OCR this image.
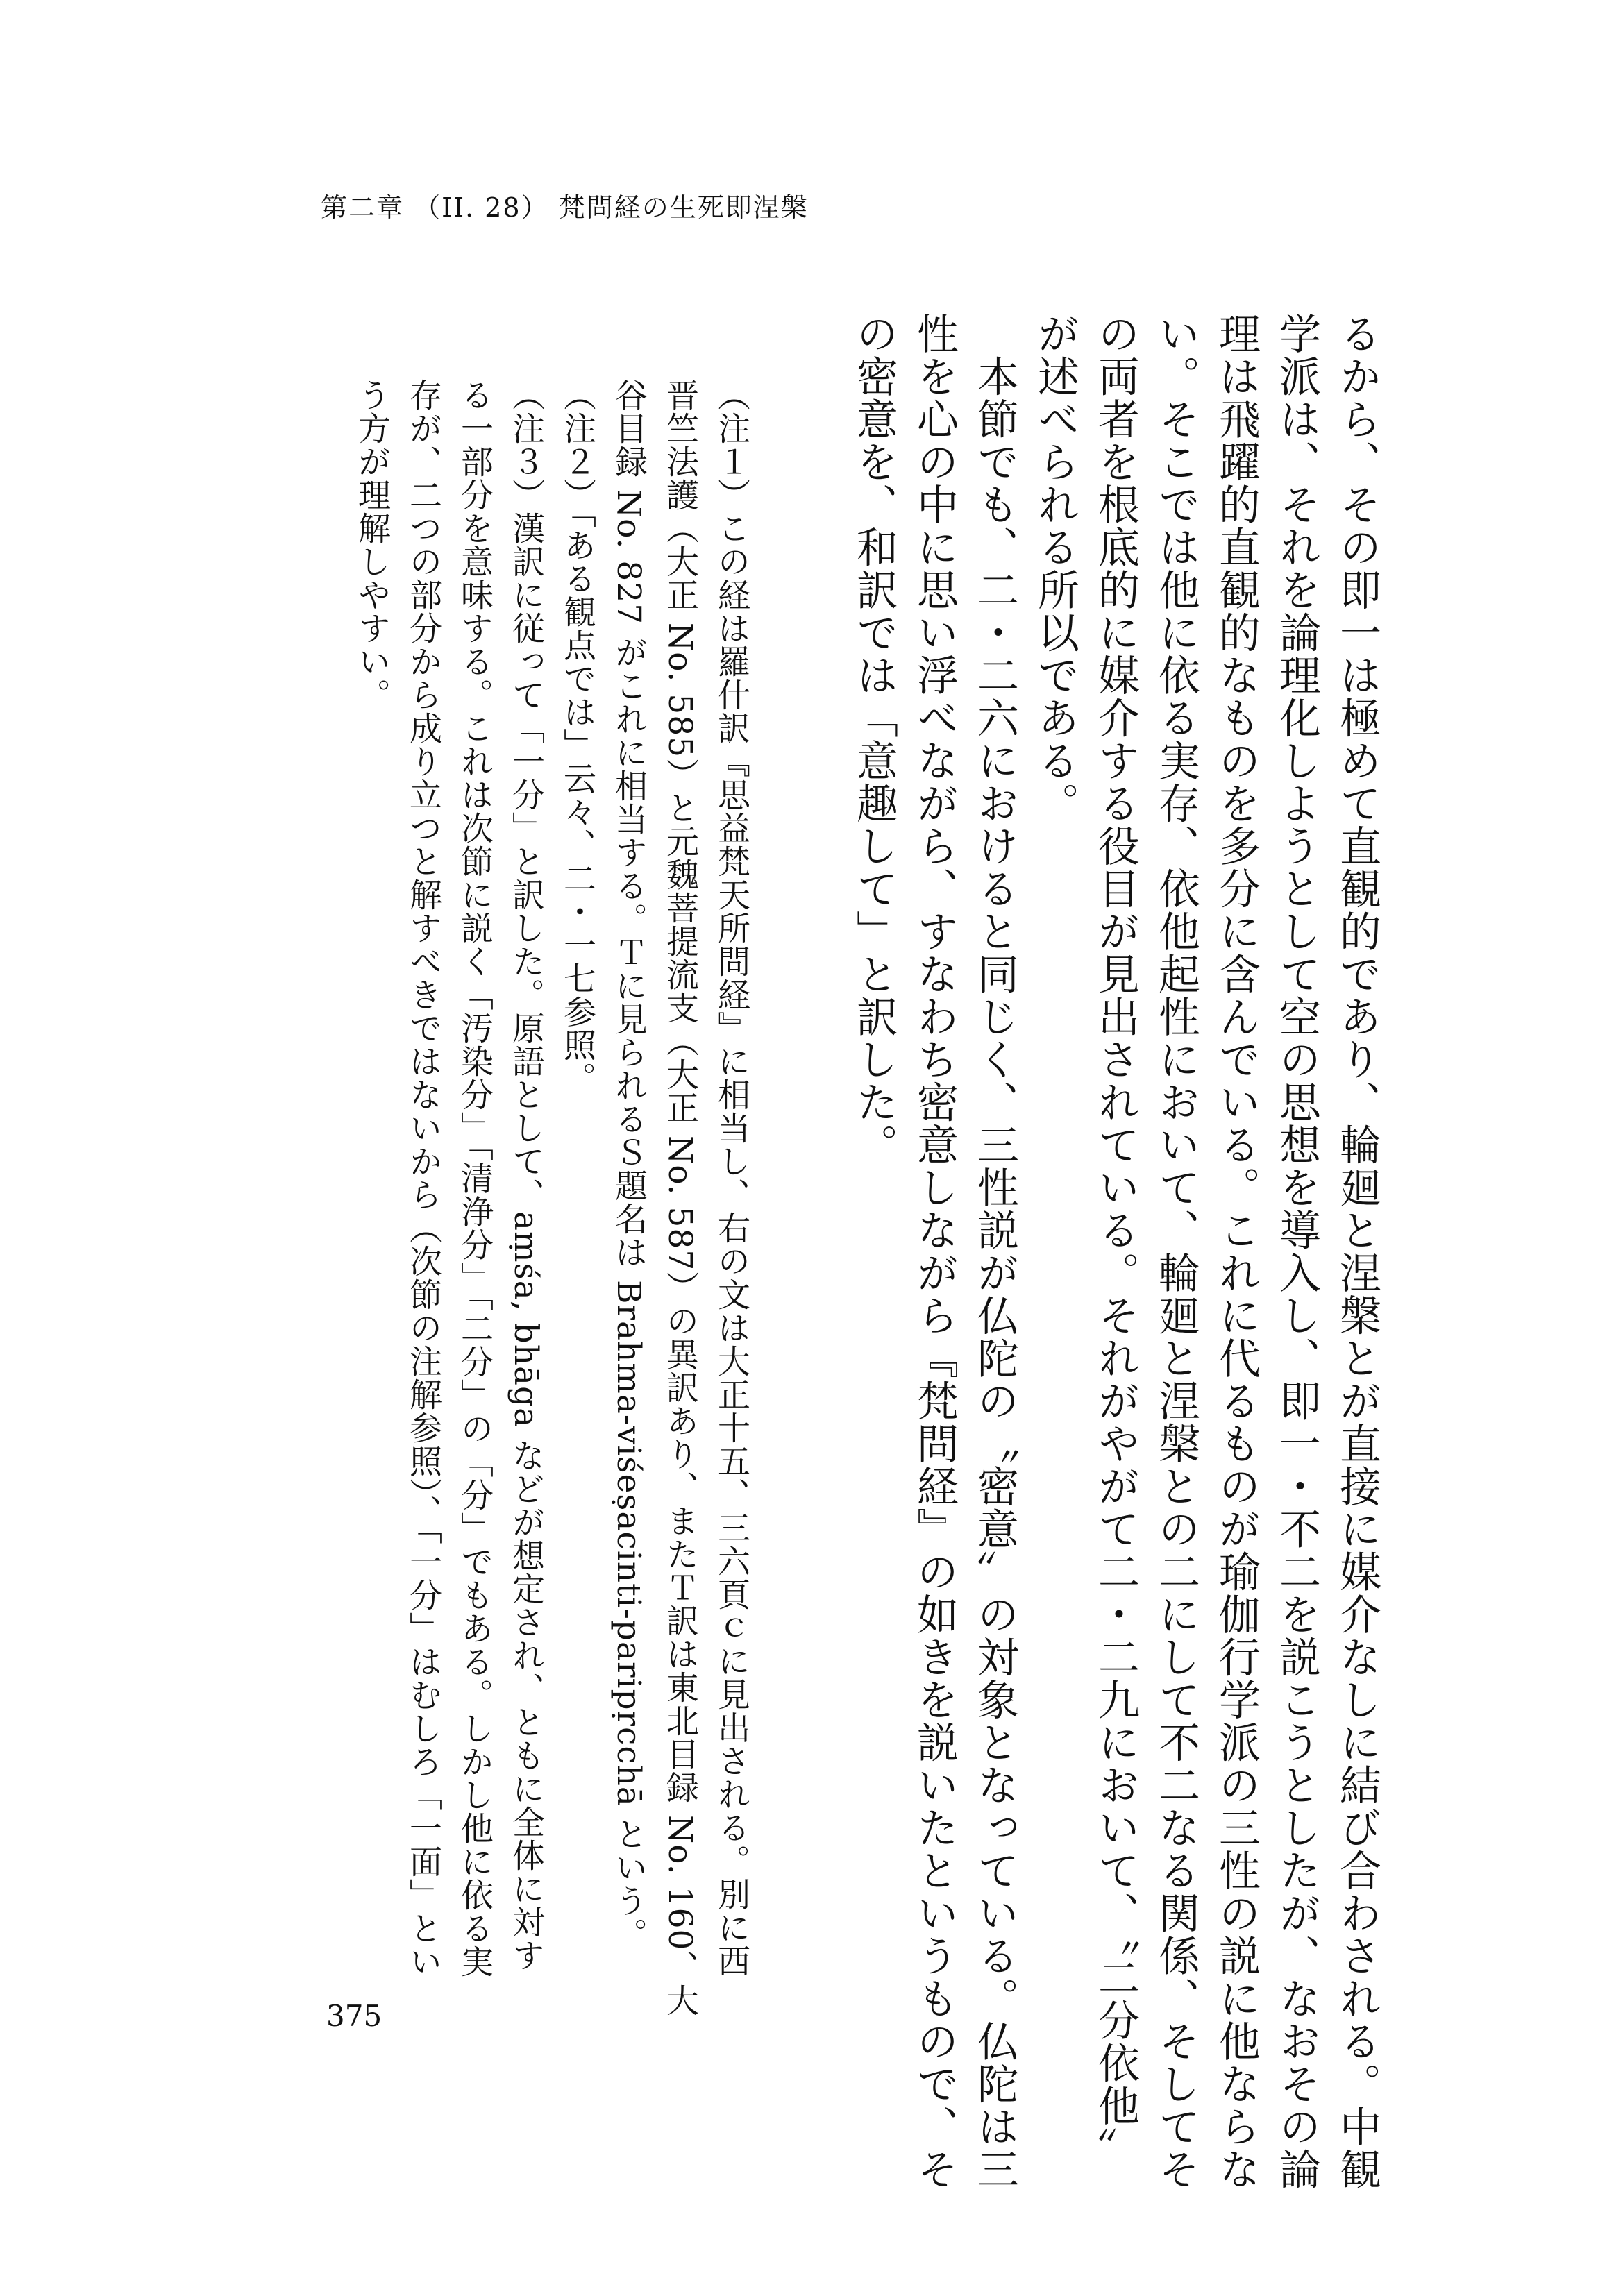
第二章 （II. 28） 梵問経の生死即涅槃
るから、その即一は極めて直観的であり、輪廻と涅槃とが直接に媒介なしに結び合わされる。中観
学派は、それを論理化しようとして空の思想を導入し、即一・不二を説こうとしたが、なおその論
理は飛躍的直観的なものを多分に含んでいる。これに代るものが瑜伽行学派の三性の説に他ならな
い。そこでは他に依る実存、依他起性において、輪廻と涅槃との二にして不二なる関係、そしてそ
の両者を根底的に媒介する役目が見出されている。それがやがて二・二九において、〝二分依他〟
が述べられる所以である。
　本節でも、二・二六におけると同じく、三性説が仏陀の〝密意〟の対象となっている。仏陀は三
性を心の中に思い浮べながら、すなわち密意しながら『梵問経』の如きを説いたというもので、そ
の密意を、和訳では「意趣して」と訳した。
（注１）この経は羅什訳『思益梵天所問経』に相当し、右の文は大正十五、三六頁ｃに見出される。別に西
晋竺法護（大正 No. 585）と元魏菩提流支（大正 No. 587）の異訳あり、またＴ訳は東北目録 No. 160、大
谷目録 No. 827 がこれに相当する。Ｔに見られるＳ題名は Brahma-viśeṣacinti-paripṛcchā という。
（注２）「ある観点では」云々、二・一七参照。
（注３）漢訳に従って「一分」と訳した。原語として、aṃśa, bhāga などが想定され、ともに全体に対す
る一部分を意味する。これは次節に説く「汚染分」「清浄分」「二分」の「分」でもある。しかし他に依る実
存が、二つの部分から成り立つと解すべきではないから（次節の注解参照）、「一分」はむしろ「一面」とい
う方が理解しやすい。
375
